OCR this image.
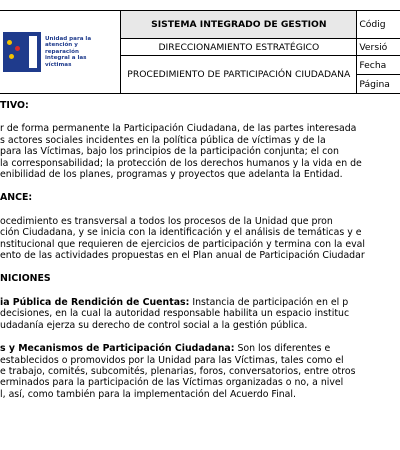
Unidad para la atención y reparación integral a las víctimas	SISTEMA INTEGRADO DE GESTION	Códig
	DIRECCIONAMIENTO ESTRATÉGICO	Versió
	PROCEDIMIENTO DE PARTICIPACIÓN CIUDADANA	Fecha
		Página

TIVO:

r de forma permanente la Participación Ciudadana, de las partes interesada

s actores sociales incidentes en la política pública de víctimas y de la

para las Víctimas, bajo los principios de la participación conjunta; el con

la corresponsabilidad; la protección de los derechos humanos y la vida en de

enibilidad de los planes, programas y proyectos que adelanta la Entidad.

ANCE:

ocedimiento es transversal a todos los procesos de la Unidad que pron

ción Ciudadana, y se inicia con la identificación y el análisis de temáticas y e

nstitucional que requieren de ejercicios de participación y termina con la eval

ento de las actividades propuestas en el Plan anual de Participación Ciudadar

NICIONES

ia Pública de Rendición de Cuentas: Instancia de participación en el p

decisiones, en la cual la autoridad responsable habilita un espacio instituc

udadanía ejerza su derecho de control social a la gestión pública.

s y Mecanismos de Participación Ciudadana: Son los diferentes e

establecidos o promovidos por la Unidad para las Víctimas, tales como el

e trabajo, comités, subcomités, plenarias, foros, conversatorios, entre otros

erminados para la participación de las Víctimas organizadas o no, a nivel

l, así, como también para la implementación del Acuerdo Final.
